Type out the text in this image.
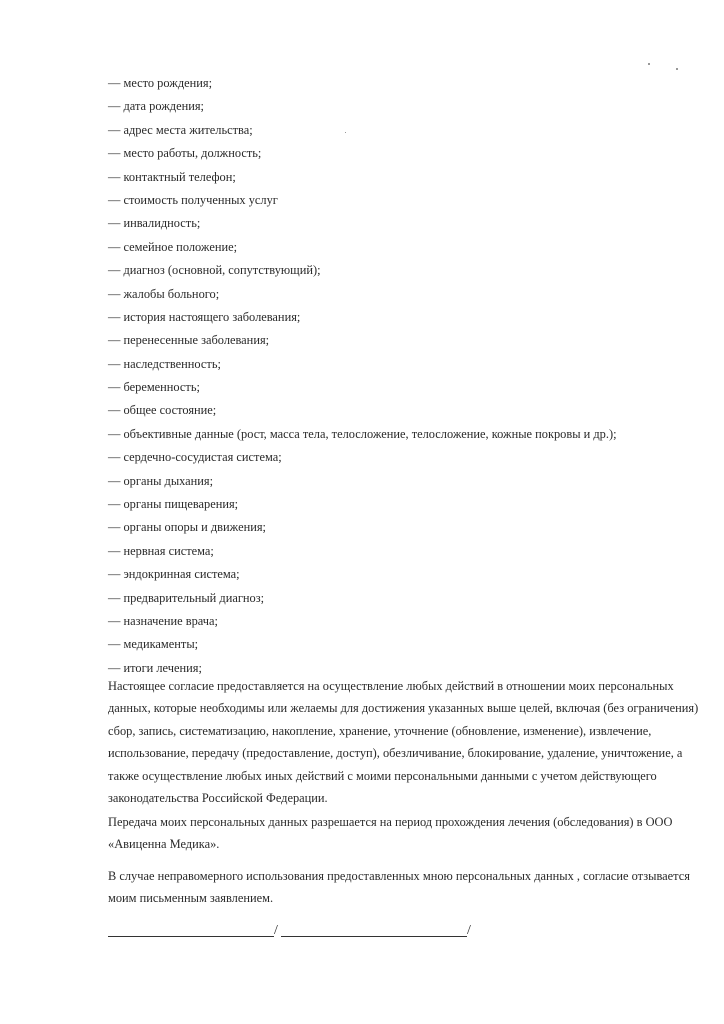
— место рождения;
— дата рождения;
— адрес места жительства;
— место работы, должность;
— контактный телефон;
— стоимость полученных услуг
— инвалидность;
— семейное положение;
— диагноз (основной, сопутствующий);
— жалобы больного;
— история настоящего заболевания;
— перенесенные заболевания;
— наследственность;
— беременность;
— общее состояние;
— объективные данные (рост, масса тела, телосложение, телосложение, кожные покровы и др.);
— сердечно-сосудистая система;
— органы дыхания;
— органы пищеварения;
— органы опоры и движения;
— нервная система;
— эндокринная система;
— предварительный диагноз;
— назначение врача;
— медикаменты;
— итоги лечения;

Настоящее согласие предоставляется на осуществление любых действий в отношении моих персональных данных, которые необходимы или желаемы для достижения указанных выше целей, включая (без ограничения) сбор, запись, систематизацию, накопление, хранение, уточнение (обновление, изменение), извлечение, использование, передачу (предоставление, доступ), обезличивание, блокирование, удаление, уничтожение, а также осуществление любых иных действий с моими персональными данными с учетом действующего законодательства Российской Федерации.

Передача моих персональных данных разрешается на период прохождения лечения (обследования) в ООО «Авиценна Медика».

В случае неправомерного использования предоставленных мною персональных данных , согласие отзывается моим письменным заявлением.

/	/
